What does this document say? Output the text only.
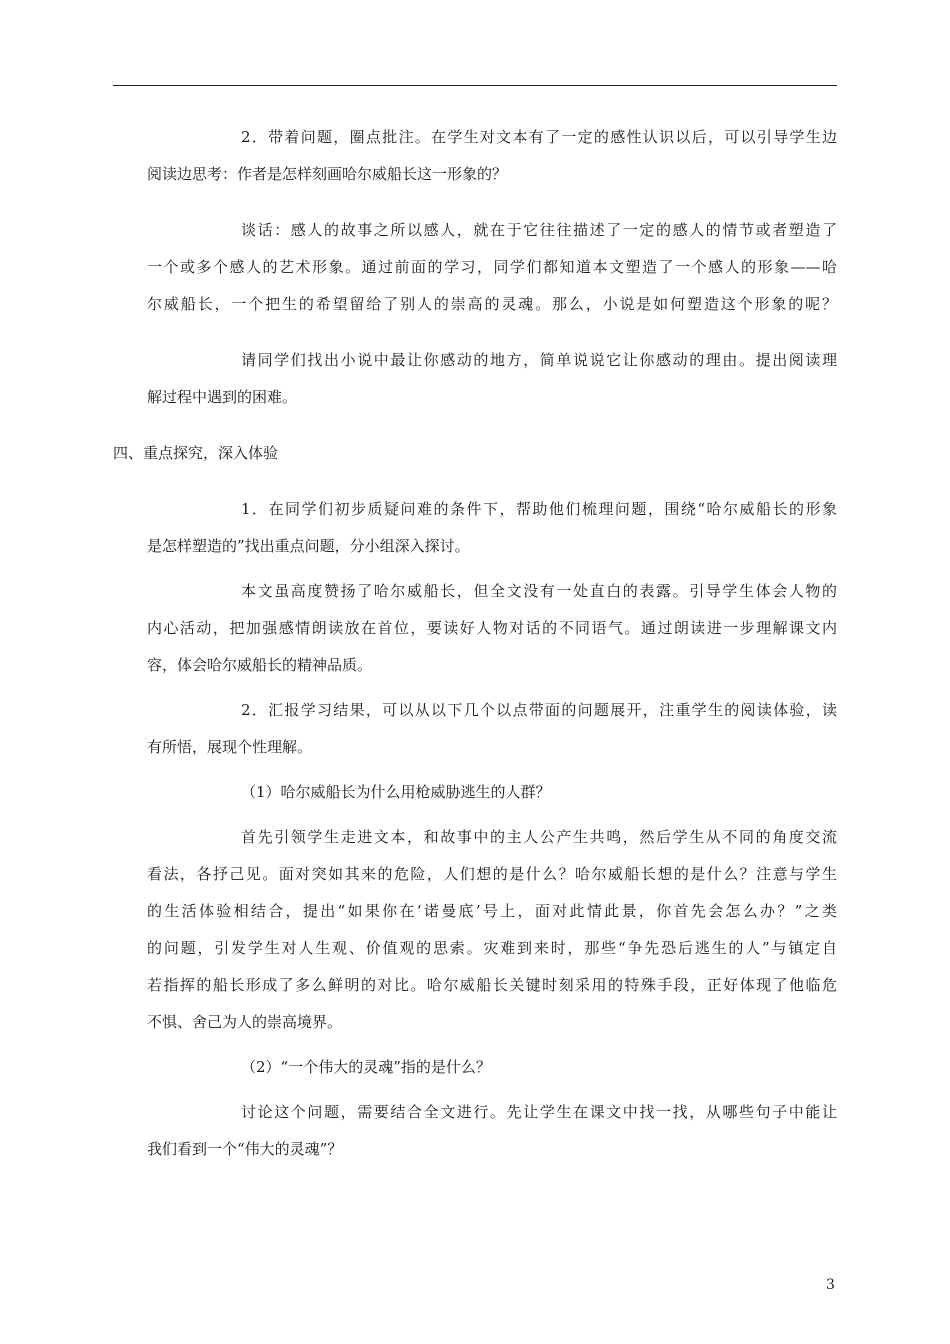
2．带着问题，圈点批注。在学生对文本有了一定的感性认识以后，可以引导学生边
阅读边思考：作者是怎样刻画哈尔威船长这一形象的？
谈话：感人的故事之所以感人，就在于它往往描述了一定的感人的情节或者塑造了
一个或多个感人的艺术形象。通过前面的学习，同学们都知道本文塑造了一个感人的形象——哈
尔威船长，一个把生的希望留给了别人的崇高的灵魂。那么，小说是如何塑造这个形象的呢？
请同学们找出小说中最让你感动的地方，简单说说它让你感动的理由。提出阅读理
解过程中遇到的困难。
四、重点探究，深入体验
1．在同学们初步质疑问难的条件下，帮助他们梳理问题，围绕“哈尔威船长的形象
是怎样塑造的”找出重点问题，分小组深入探讨。
本文虽高度赞扬了哈尔威船长，但全文没有一处直白的表露。引导学生体会人物的
内心活动，把加强感情朗读放在首位，要读好人物对话的不同语气。通过朗读进一步理解课文内
容，体会哈尔威船长的精神品质。
2．汇报学习结果，可以从以下几个以点带面的问题展开，注重学生的阅读体验，读
有所悟，展现个性理解。
（1）哈尔威船长为什么用枪威胁逃生的人群？
首先引领学生走进文本，和故事中的主人公产生共鸣，然后学生从不同的角度交流
看法，各抒己见。面对突如其来的危险，人们想的是什么？哈尔威船长想的是什么？注意与学生
的生活体验相结合，提出“如果你在‘诺曼底’号上，面对此情此景，你首先会怎么办？”之类
的问题，引发学生对人生观、价值观的思索。灾难到来时，那些“争先恐后逃生的人”与镇定自
若指挥的船长形成了多么鲜明的对比。哈尔威船长关键时刻采用的特殊手段，正好体现了他临危
不惧、舍己为人的崇高境界。
（2）“一个伟大的灵魂”指的是什么？
讨论这个问题，需要结合全文进行。先让学生在课文中找一找，从哪些句子中能让
我们看到一个“伟大的灵魂”？
3
